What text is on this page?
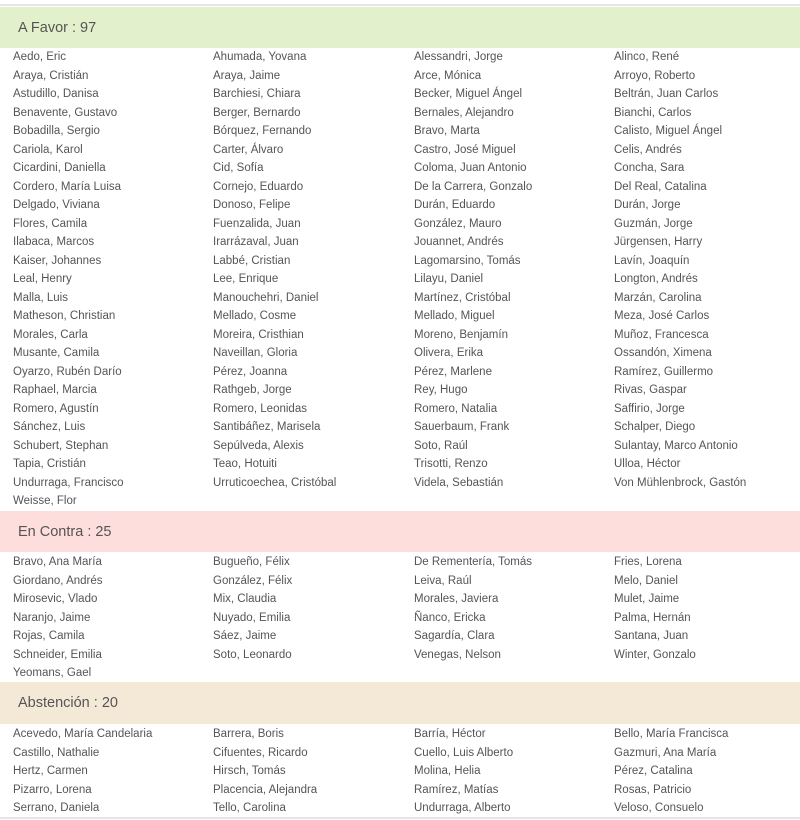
A Favor : 97
Aedo, Eric	Ahumada, Yovana	Alessandri, Jorge	Alinco, René
Araya, Cristián	Araya, Jaime	Arce, Mónica	Arroyo, Roberto
Astudillo, Danisa	Barchiesi, Chiara	Becker, Miguel Ángel	Beltrán, Juan Carlos
Benavente, Gustavo	Berger, Bernardo	Bernales, Alejandro	Bianchi, Carlos
Bobadilla, Sergio	Bórquez, Fernando	Bravo, Marta	Calisto, Miguel Ángel
Cariola, Karol	Carter, Álvaro	Castro, José Miguel	Celis, Andrés
Cicardini, Daniella	Cid, Sofía	Coloma, Juan Antonio	Concha, Sara
Cordero, María Luisa	Cornejo, Eduardo	De la Carrera, Gonzalo	Del Real, Catalina
Delgado, Viviana	Donoso, Felipe	Durán, Eduardo	Durán, Jorge
Flores, Camila	Fuenzalida, Juan	González, Mauro	Guzmán, Jorge
Ilabaca, Marcos	Irarrázaval, Juan	Jouannet, Andrés	Jürgensen, Harry
Kaiser, Johannes	Labbé, Cristian	Lagomarsino, Tomás	Lavín, Joaquín
Leal, Henry	Lee, Enrique	Lilayu, Daniel	Longton, Andrés
Malla, Luis	Manouchehri, Daniel	Martínez, Cristóbal	Marzán, Carolina
Matheson, Christian	Mellado, Cosme	Mellado, Miguel	Meza, José Carlos
Morales, Carla	Moreira, Cristhian	Moreno, Benjamín	Muñoz, Francesca
Musante, Camila	Naveillan, Gloria	Olivera, Erika	Ossandón, Ximena
Oyarzo, Rubén Darío	Pérez, Joanna	Pérez, Marlene	Ramírez, Guillermo
Raphael, Marcia	Rathgeb, Jorge	Rey, Hugo	Rivas, Gaspar
Romero, Agustín	Romero, Leonidas	Romero, Natalia	Saffirio, Jorge
Sánchez, Luis	Santibáñez, Marisela	Sauerbaum, Frank	Schalper, Diego
Schubert, Stephan	Sepúlveda, Alexis	Soto, Raúl	Sulantay, Marco Antonio
Tapia, Cristián	Teao, Hotuiti	Trisotti, Renzo	Ulloa, Héctor
Undurraga, Francisco	Urruticoechea, Cristóbal	Videla, Sebastián	Von Mühlenbrock, Gastón
Weisse, Flor
En Contra : 25
Bravo, Ana María	Bugueño, Félix	De Rementería, Tomás	Fries, Lorena
Giordano, Andrés	González, Félix	Leiva, Raúl	Melo, Daniel
Mirosevic, Vlado	Mix, Claudia	Morales, Javiera	Mulet, Jaime
Naranjo, Jaime	Nuyado, Emilia	Ñanco, Ericka	Palma, Hernán
Rojas, Camila	Sáez, Jaime	Sagardía, Clara	Santana, Juan
Schneider, Emilia	Soto, Leonardo	Venegas, Nelson	Winter, Gonzalo
Yeomans, Gael
Abstención : 20
Acevedo, María Candelaria	Barrera, Boris	Barría, Héctor	Bello, María Francisca
Castillo, Nathalie	Cifuentes, Ricardo	Cuello, Luis Alberto	Gazmuri, Ana María
Hertz, Carmen	Hirsch, Tomás	Molina, Helia	Pérez, Catalina
Pizarro, Lorena	Placencia, Alejandra	Ramírez, Matías	Rosas, Patricio
Serrano, Daniela	Tello, Carolina	Undurraga, Alberto	Veloso, Consuelo
